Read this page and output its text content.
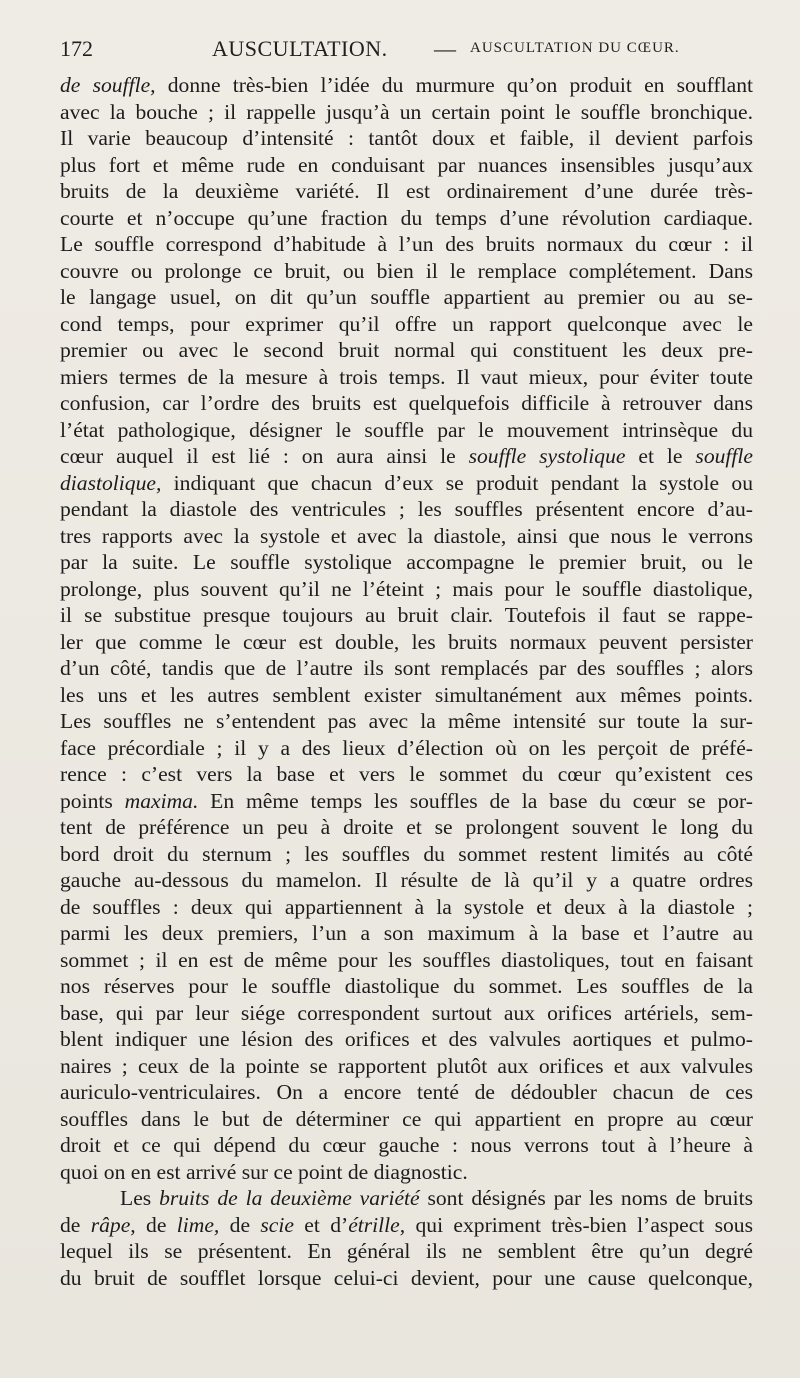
172	AUSCULTATION. — AUSCULTATION DU CŒUR.
de souffle, donne très-bien l’idée du murmure qu’on produit en soufflant
avec la bouche ; il rappelle jusqu’à un certain point le souffle bronchique.
Il varie beaucoup d’intensité : tantôt doux et faible, il devient parfois
plus fort et même rude en conduisant par nuances insensibles jusqu’aux
bruits de la deuxième variété. Il est ordinairement d’une durée très-
courte et n’occupe qu’une fraction du temps d’une révolution cardiaque.
Le souffle correspond d’habitude à l’un des bruits normaux du cœur : il
couvre ou prolonge ce bruit, ou bien il le remplace complétement. Dans
le langage usuel, on dit qu’un souffle appartient au premier ou au se-
cond temps, pour exprimer qu’il offre un rapport quelconque avec le
premier ou avec le second bruit normal qui constituent les deux pre-
miers termes de la mesure à trois temps. Il vaut mieux, pour éviter toute
confusion, car l’ordre des bruits est quelquefois difficile à retrouver dans
l’état pathologique, désigner le souffle par le mouvement intrinsèque du
cœur auquel il est lié : on aura ainsi le souffle systolique et le souffle
diastolique, indiquant que chacun d’eux se produit pendant la systole ou
pendant la diastole des ventricules ; les souffles présentent encore d’au-
tres rapports avec la systole et avec la diastole, ainsi que nous le verrons
par la suite. Le souffle systolique accompagne le premier bruit, ou le
prolonge, plus souvent qu’il ne l’éteint ; mais pour le souffle diastolique,
il se substitue presque toujours au bruit clair. Toutefois il faut se rappe-
ler que comme le cœur est double, les bruits normaux peuvent persister
d’un côté, tandis que de l’autre ils sont remplacés par des souffles ; alors
les uns et les autres semblent exister simultanément aux mêmes points.
Les souffles ne s’entendent pas avec la même intensité sur toute la sur-
face précordiale ; il y a des lieux d’élection où on les perçoit de préfé-
rence : c’est vers la base et vers le sommet du cœur qu’existent ces
points maxima. En même temps les souffles de la base du cœur se por-
tent de préférence un peu à droite et se prolongent souvent le long du
bord droit du sternum ; les souffles du sommet restent limités au côté
gauche au-dessous du mamelon. Il résulte de là qu’il y a quatre ordres
de souffles : deux qui appartiennent à la systole et deux à la diastole ;
parmi les deux premiers, l’un a son maximum à la base et l’autre au
sommet ; il en est de même pour les souffles diastoliques, tout en faisant
nos réserves pour le souffle diastolique du sommet. Les souffles de la
base, qui par leur siége correspondent surtout aux orifices artériels, sem-
blent indiquer une lésion des orifices et des valvules aortiques et pulmo-
naires ; ceux de la pointe se rapportent plutôt aux orifices et aux valvules
auriculo-ventriculaires. On a encore tenté de dédoubler chacun de ces
souffles dans le but de déterminer ce qui appartient en propre au cœur
droit et ce qui dépend du cœur gauche : nous verrons tout à l’heure à
quoi on en est arrivé sur ce point de diagnostic.
Les bruits de la deuxième variété sont désignés par les noms de bruits
de râpe, de lime, de scie et d’étrille, qui expriment très-bien l’aspect sous
lequel ils se présentent. En général ils ne semblent être qu’un degré
du bruit de soufflet lorsque celui-ci devient, pour une cause quelconque,
